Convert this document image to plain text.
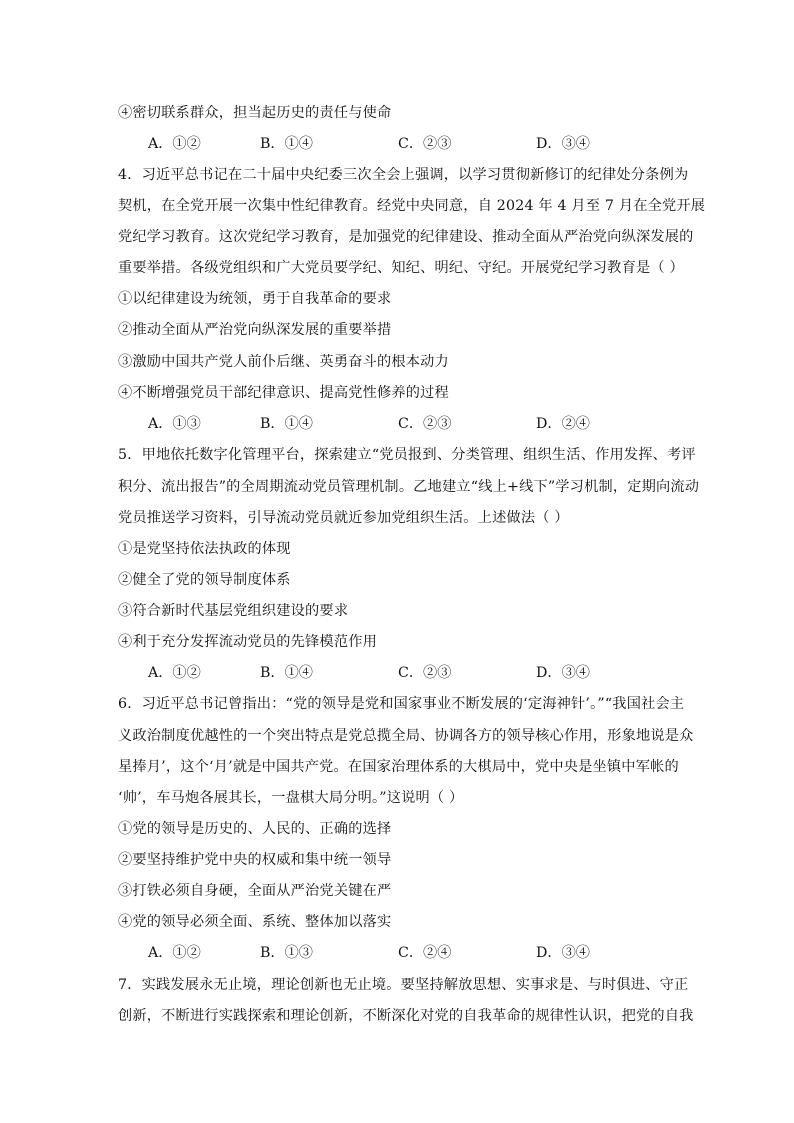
④密切联系群众，担当起历史的责任与使命
A．①②	B．①④	C．②③	D．③④
4．习近平总书记在二十届中央纪委三次全会上强调，以学习贯彻新修订的纪律处分条例为
契机，在全党开展一次集中性纪律教育。经党中央同意，自 2024 年 4 月至 7 月在全党开展
党纪学习教育。这次党纪学习教育，是加强党的纪律建设、推动全面从严治党向纵深发展的
重要举措。各级党组织和广大党员要学纪、知纪、明纪、守纪。开展党纪学习教育是（ ）
①以纪律建设为统领，勇于自我革命的要求
②推动全面从严治党向纵深发展的重要举措
③激励中国共产党人前仆后继、英勇奋斗的根本动力
④不断增强党员干部纪律意识、提高党性修养的过程
A．①③	B．①④	C．②③	D．②④
5．甲地依托数字化管理平台，探索建立“党员报到、分类管理、组织生活、作用发挥、考评
积分、流出报告”的全周期流动党员管理机制。乙地建立“线上+线下”学习机制，定期向流动
党员推送学习资料，引导流动党员就近参加党组织生活。上述做法（ ）
①是党坚持依法执政的体现
②健全了党的领导制度体系
③符合新时代基层党组织建设的要求
④利于充分发挥流动党员的先锋模范作用
A．①②	B．①④	C．②③	D．③④
6．习近平总书记曾指出：“党的领导是党和国家事业不断发展的‘定海神针’。”“我国社会主
义政治制度优越性的一个突出特点是党总揽全局、协调各方的领导核心作用，形象地说是众
星捧月’，这个‘月’就是中国共产党。在国家治理体系的大棋局中，党中央是坐镇中军帐的
‘帅’，车马炮各展其长，一盘棋大局分明。”这说明（ ）
①党的领导是历史的、人民的、正确的选择
②要坚持维护党中央的权威和集中统一领导
③打铁必须自身硬，全面从严治党关键在严
④党的领导必须全面、系统、整体加以落实
A．①②	B．①③	C．②④	D．③④
7．实践发展永无止境，理论创新也无止境。要坚持解放思想、实事求是、与时俱进、守正
创新，不断进行实践探索和理论创新，不断深化对党的自我革命的规律性认识，把党的自我
